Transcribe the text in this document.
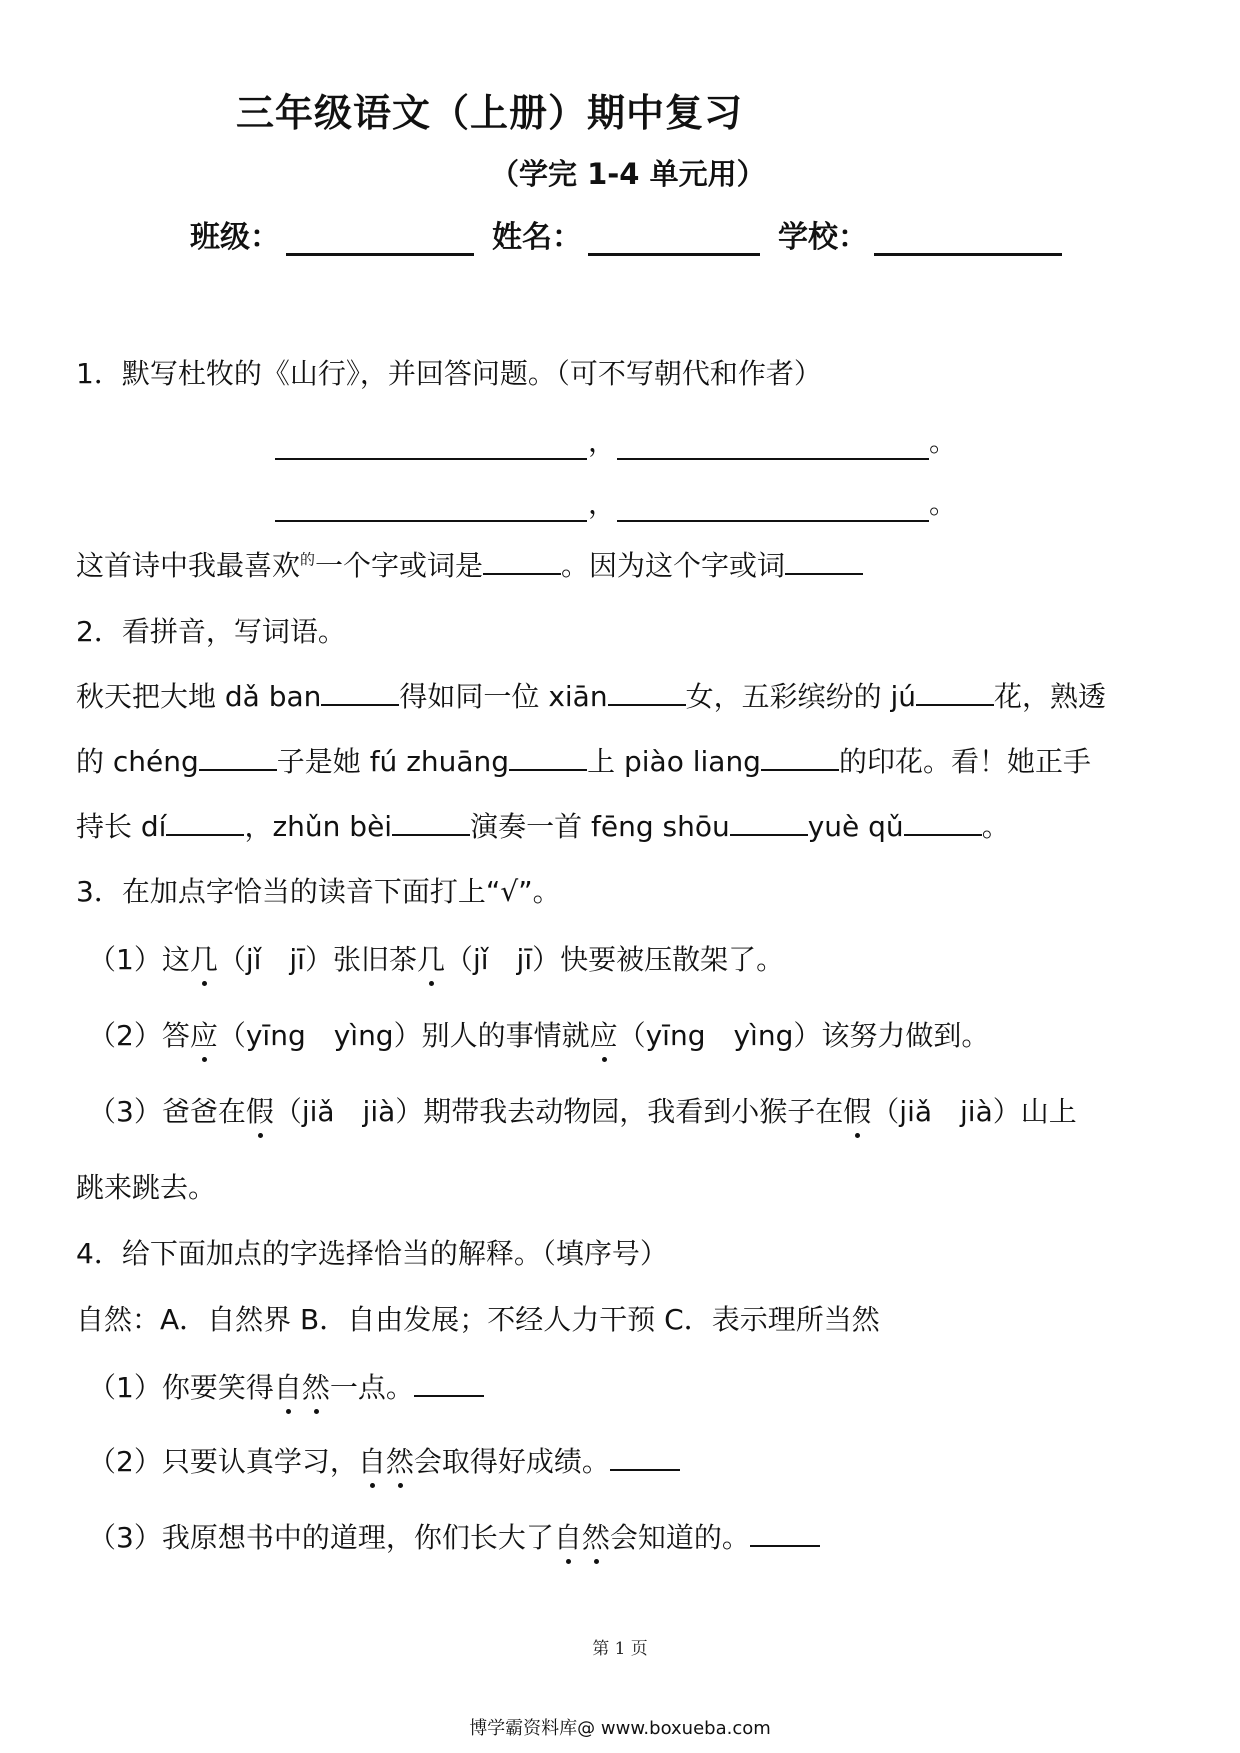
三年级语文（上册）期中复习
（学完 1-4 单元用）
班级：	姓名：	学校：
1．默写杜牧的《山行》，并回答问题。（可不写朝代和作者）
，	。
，	。
这首诗中我最喜欢$^的$一个字或词是	。因为这个字或词
2．看拼音，写词语。
秋天把大地 dǎ ban	得如同一位 xiān	女，五彩缤纷的 jú	花，熟透
的 chéng	子是她 fú zhuāng	上 piào liang	的印花。看！她正手
持长 dí	，zhǔn bèi	演奏一首 fēng shōu	yuè qǔ	。
3．在加点字恰当的读音下面打上“√”。
（1）这几（jǐ　jī）张旧茶几（jǐ　jī）快要被压散架了。
（2）答应（yīng　yìng）别人的事情就应（yīng　yìng）该努力做到。
（3）爸爸在假（jiǎ　jià）期带我去动物园，我看到小猴子在假（jiǎ　jià）山上
跳来跳去。
4．给下面加点的字选择恰当的解释。（填序号）
自然：A．自然界 B．自由发展；不经人力干预 C．表示理所当然
（1）你要笑得自然一点。
（2）只要认真学习，自然会取得好成绩。
（3）我原想书中的道理，你们长大了自然会知道的。
第 1 页
博学霸资料库@ www.boxueba.com
